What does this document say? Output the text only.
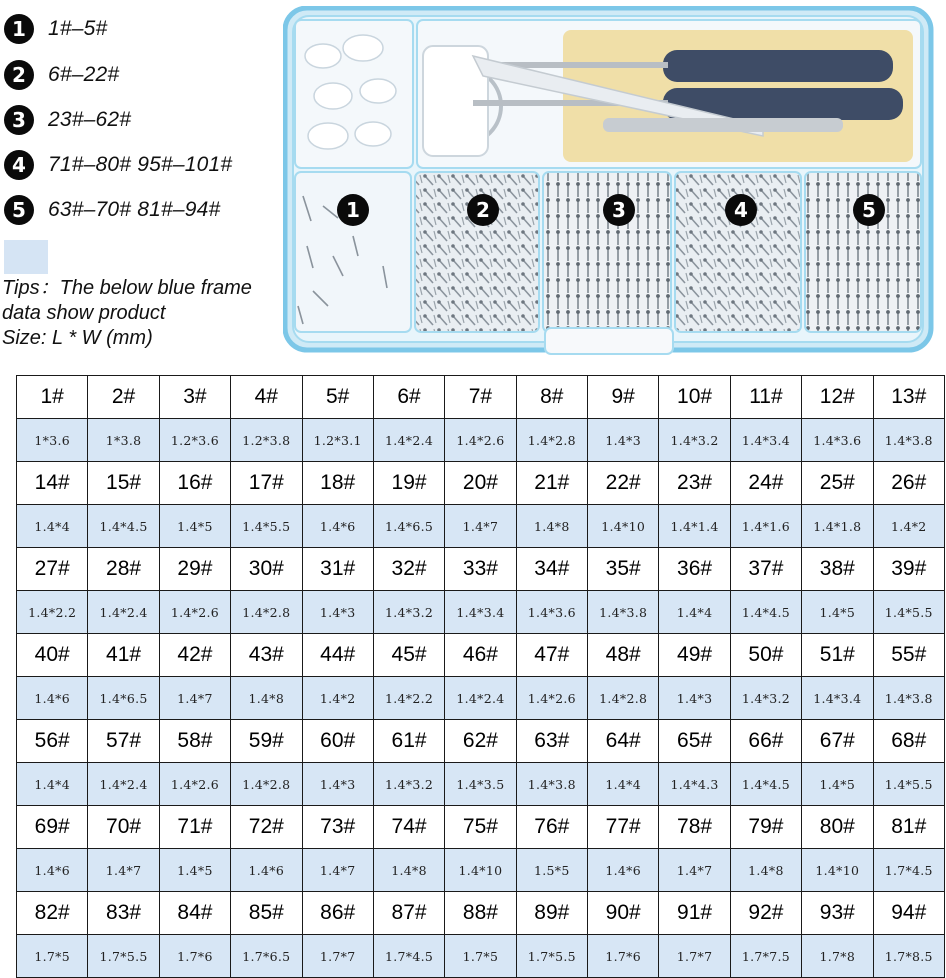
1	1#–5#
2	6#–22#
3	23#–62#
4	71#–80# 95#–101#
5	63#–70# 81#–94#
Tips：The below blue frame
data show product
Size: L * W (mm)
1	2	3	4	5
1#	2#	3#	4#	5#	6#	7#	8#	9#	10#	11#	12#	13#
1*3.6	1*3.8	1.2*3.6	1.2*3.8	1.2*3.1	1.4*2.4	1.4*2.6	1.4*2.8	1.4*3	1.4*3.2	1.4*3.4	1.4*3.6	1.4*3.8
14#	15#	16#	17#	18#	19#	20#	21#	22#	23#	24#	25#	26#
1.4*4	1.4*4.5	1.4*5	1.4*5.5	1.4*6	1.4*6.5	1.4*7	1.4*8	1.4*10	1.4*1.4	1.4*1.6	1.4*1.8	1.4*2
27#	28#	29#	30#	31#	32#	33#	34#	35#	36#	37#	38#	39#
1.4*2.2	1.4*2.4	1.4*2.6	1.4*2.8	1.4*3	1.4*3.2	1.4*3.4	1.4*3.6	1.4*3.8	1.4*4	1.4*4.5	1.4*5	1.4*5.5
40#	41#	42#	43#	44#	45#	46#	47#	48#	49#	50#	51#	55#
1.4*6	1.4*6.5	1.4*7	1.4*8	1.4*2	1.4*2.2	1.4*2.4	1.4*2.6	1.4*2.8	1.4*3	1.4*3.2	1.4*3.4	1.4*3.8
56#	57#	58#	59#	60#	61#	62#	63#	64#	65#	66#	67#	68#
1.4*4	1.4*2.4	1.4*2.6	1.4*2.8	1.4*3	1.4*3.2	1.4*3.5	1.4*3.8	1.4*4	1.4*4.3	1.4*4.5	1.4*5	1.4*5.5
69#	70#	71#	72#	73#	74#	75#	76#	77#	78#	79#	80#	81#
1.4*6	1.4*7	1.4*5	1.4*6	1.4*7	1.4*8	1.4*10	1.5*5	1.4*6	1.4*7	1.4*8	1.4*10	1.7*4.5
82#	83#	84#	85#	86#	87#	88#	89#	90#	91#	92#	93#	94#
1.7*5	1.7*5.5	1.7*6	1.7*6.5	1.7*7	1.7*4.5	1.7*5	1.7*5.5	1.7*6	1.7*7	1.7*7.5	1.7*8	1.7*8.5
